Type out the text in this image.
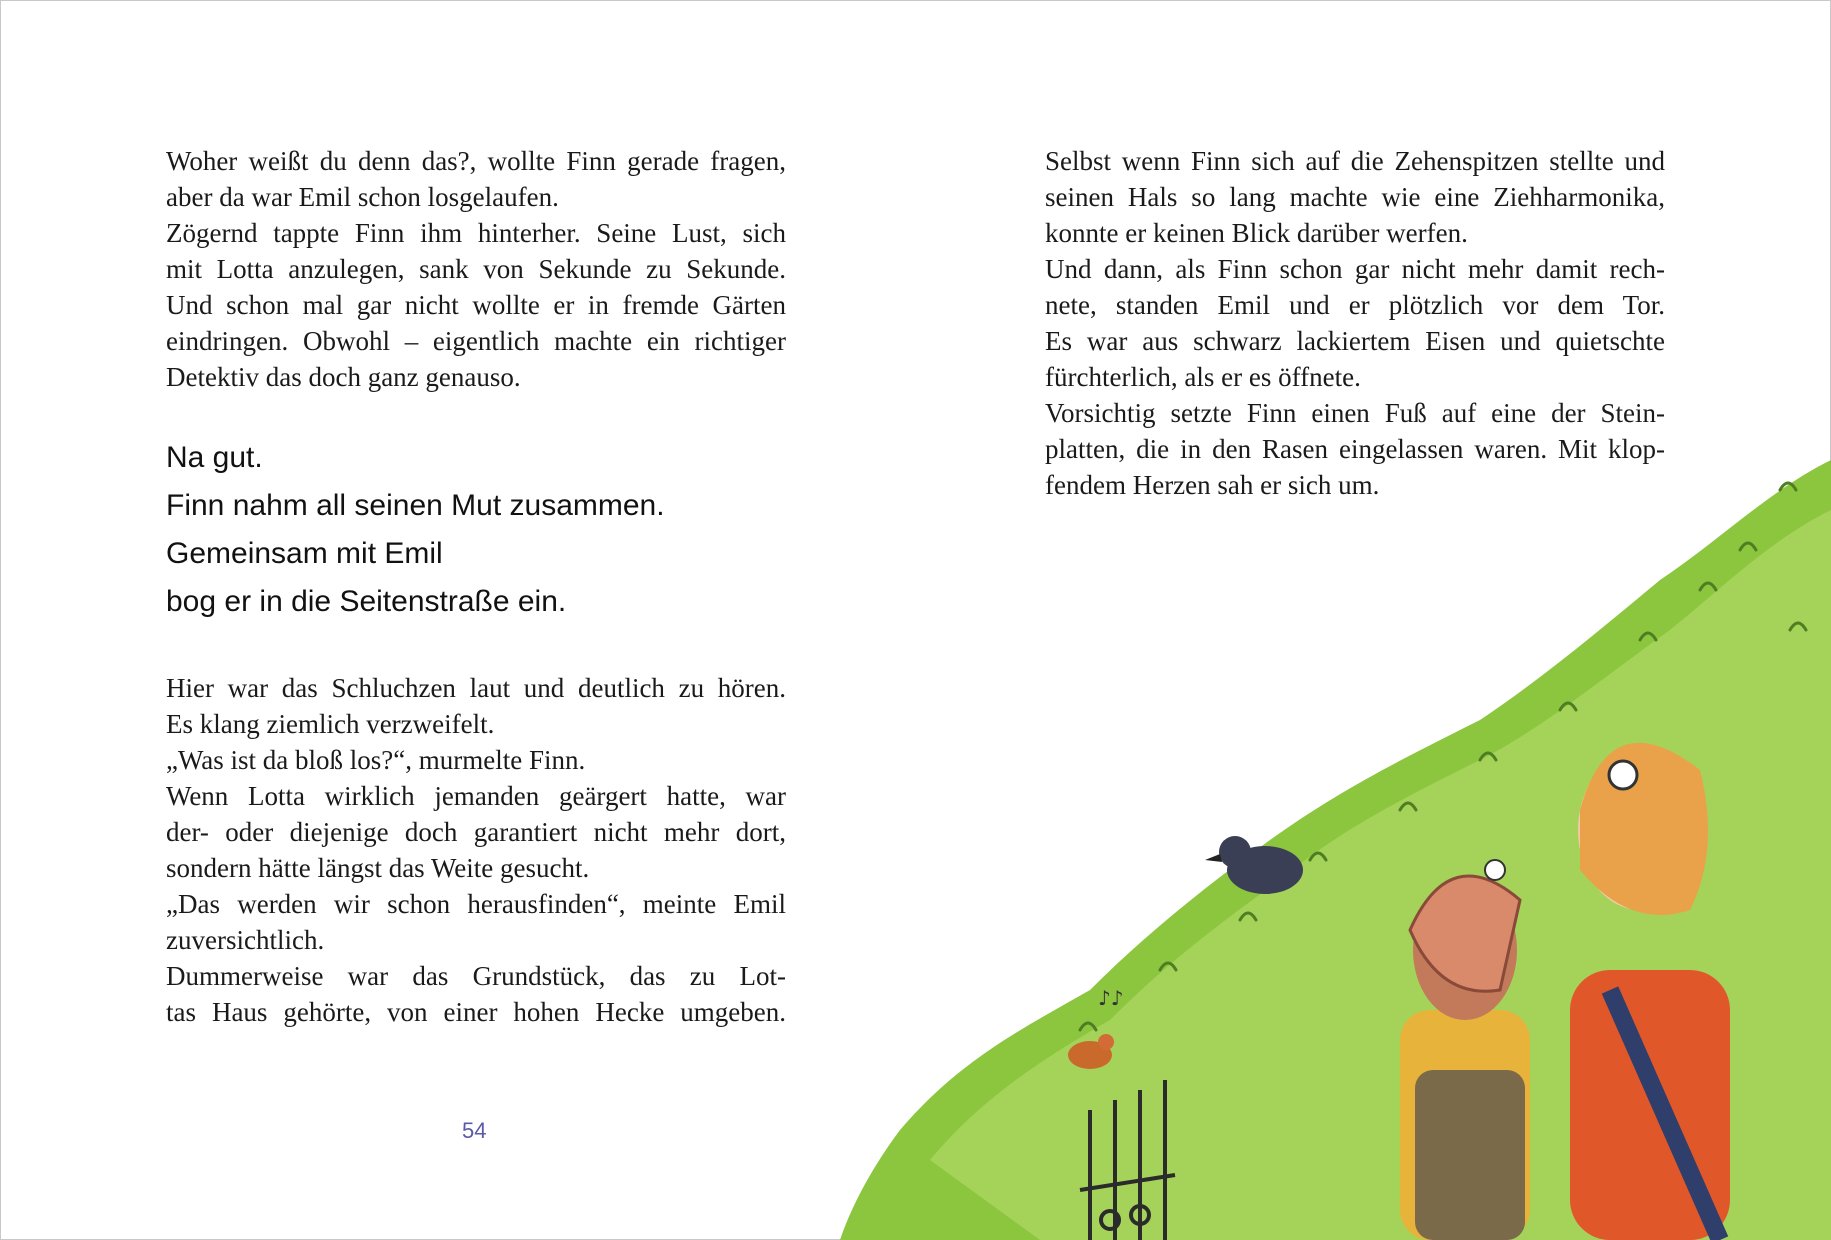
Woher weißt du denn das?, wollte Finn gerade fragen,
aber da war Emil schon losgelaufen.
Zögernd tappte Finn ihm hinterher. Seine Lust, sich
mit Lotta anzulegen, sank von Sekunde zu Sekunde.
Und schon mal gar nicht wollte er in fremde Gärten
eindringen. Obwohl – eigentlich machte ein richtiger
Detektiv das doch ganz genauso.
Na gut.
Finn nahm all seinen Mut zusammen.
Gemeinsam mit Emil
bog er in die Seitenstraße ein.
Hier war das Schluchzen laut und deutlich zu hören.
Es klang ziemlich verzweifelt.
„Was ist da bloß los?“, murmelte Finn.
Wenn Lotta wirklich jemanden geärgert hatte, war
der- oder diejenige doch garantiert nicht mehr dort,
sondern hätte längst das Weite gesucht.
„Das werden wir schon herausfinden“, meinte Emil
zuversichtlich.
Dummerweise war das Grundstück, das zu Lot-
tas Haus gehörte, von einer hohen Hecke umgeben.
54
Selbst wenn Finn sich auf die Zehenspitzen stellte und
seinen Hals so lang machte wie eine Ziehharmonika,
konnte er keinen Blick darüber werfen.
Und dann, als Finn schon gar nicht mehr damit rech-
nete, standen Emil und er plötzlich vor dem Tor.
Es war aus schwarz lackiertem Eisen und quietschte
fürchterlich, als er es öffnete.
Vorsichtig setzte Finn einen Fuß auf eine der Stein-
platten, die in den Rasen eingelassen waren. Mit klop-
fendem Herzen sah er sich um.
♪♪
